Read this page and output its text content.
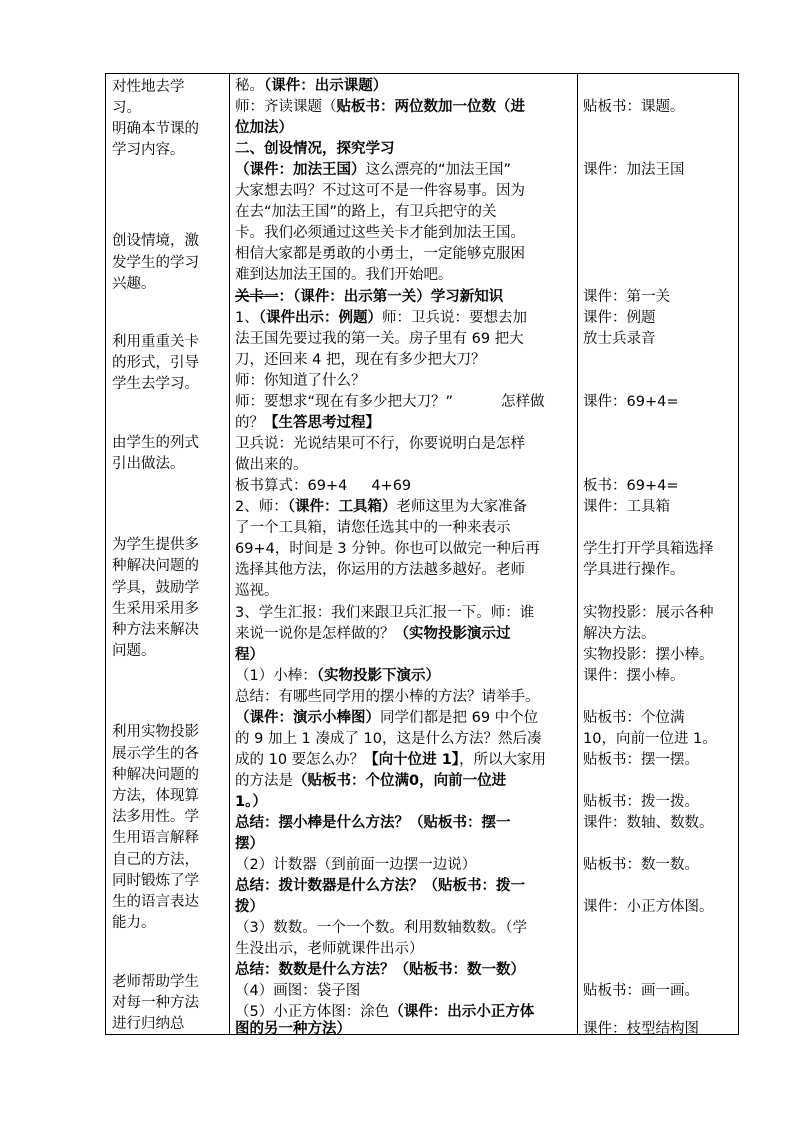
对性地去学
习。
明确本节课的
学习内容。
创设情境，激
发学生的学习
兴趣。
利用重重关卡
的形式，引导
学生去学习。
由学生的列式
引出做法。
为学生提供多
种解决问题的
学具，鼓励学
生采用采用多
种方法来解决
问题。
利用实物投影
展示学生的各
种解决问题的
方法，体现算
法多用性。学
生用语言解释
自己的方法，
同时锻炼了学
生的语言表达
能力。
老师帮助学生
对每一种方法
进行归纳总
秘。（课件：出示课题）
师：齐读课题（贴板书：两位数加一位数（进
位加法）
二、创设情况，探究学习
（课件：加法王国）这么漂亮的“加法王国”
大家想去吗？不过这可不是一件容易事。因为
在去“加法王国”的路上，有卫兵把守的关
卡。我们必须通过这些关卡才能到加法王国。
相信大家都是勇敢的小勇士，一定能够克服困
难到达加法王国的。我们开始吧。
关卡一：（课件：出示第一关）学习新知识
1、（课件出示：例题）师：卫兵说：要想去加
法王国先要过我的第一关。房子里有 69 把大
刀，还回来 4 把，现在有多少把大刀？
师：你知道了什么？
师：要想求“现在有多少把大刀？”	怎样做
的？【生答思考过程】
卫兵说：光说结果可不行，你要说明白是怎样
做出来的。
板书算式：69+4 4+69
2、师：（课件：工具箱）老师这里为大家准备
了一个工具箱，请您任选其中的一种来表示
69+4，时间是 3 分钟。你也可以做完一种后再
选择其他方法，你运用的方法越多越好。老师
巡视。
3、学生汇报：我们来跟卫兵汇报一下。师：谁
来说一说你是怎样做的？（实物投影演示过
程）
（1）小棒：（实物投影下演示）
总结：有哪些同学用的摆小棒的方法？请举手。
（课件：演示小棒图）同学们都是把 69 中个位
的 9 加上 1 凑成了 10，这是什么方法？然后凑
成的 10 要怎么办？【向十位进 1】，所以大家用
的方法是（贴板书：个位满0，向前一位进
1。）
总结：摆小棒是什么方法？（贴板书：摆一
摆）
（2）计数器（到前面一边摆一边说）
总结：拨计数器是什么方法？（贴板书：拨一
拨）
（3）数数。一个一个数。利用数轴数数。（学
生没出示，老师就课件出示）
总结：数数是什么方法？（贴板书：数一数）
（4）画图：袋子图
（5）小正方体图：涂色（课件：出示小正方体
图的另一种方法）
贴板书：课题。
课件：加法王国
课件：第一关
课件：例题
放士兵录音
课件：69+4=
板书：69+4=
课件：工具箱
学生打开学具箱选择
学具进行操作。
实物投影：展示各种
解决方法。
实物投影：摆小棒。
课件：摆小棒。
贴板书：个位满
10，向前一位进 1。
贴板书：摆一摆。
贴板书：拨一拨。
课件：数轴、数数。
贴板书：数一数。
课件：小正方体图。
贴板书：画一画。
课件：枝型结构图
